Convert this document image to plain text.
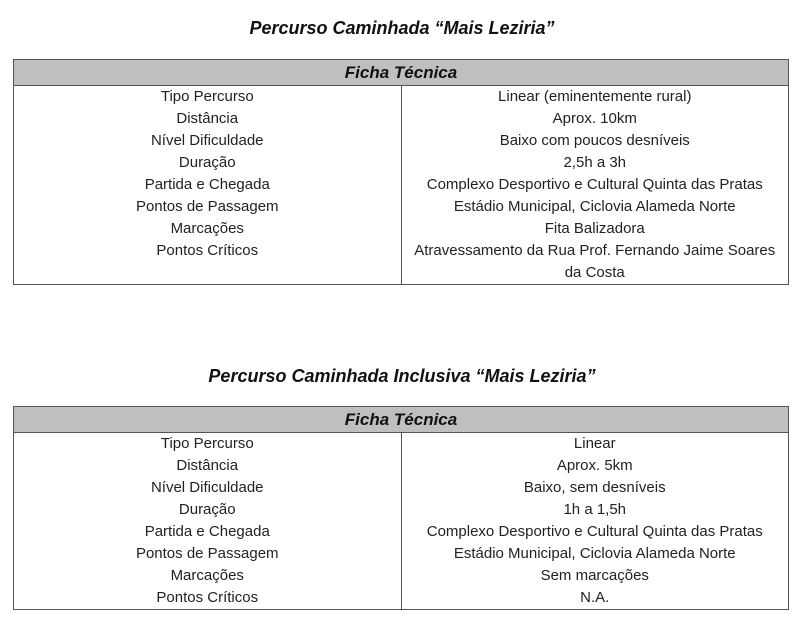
Percurso Caminhada “Mais Leziria”
Ficha Técnica	
Tipo Percurso	Linear (eminentemente rural)
Distância	Aprox. 10km
Nível Dificuldade	Baixo com poucos desníveis
Duração	2,5h a 3h
Partida e Chegada	Complexo Desportivo e Cultural Quinta das Pratas
Pontos de Passagem	Estádio Municipal, Ciclovia Alameda Norte
Marcações	Fita Balizadora
Pontos Críticos	Atravessamento da Rua Prof. Fernando Jaime Soares da Costa
Percurso Caminhada Inclusiva “Mais Leziria”
Ficha Técnica	
Tipo Percurso	Linear
Distância	Aprox. 5km
Nível Dificuldade	Baixo, sem desníveis
Duração	1h a 1,5h
Partida e Chegada	Complexo Desportivo e Cultural Quinta das Pratas
Pontos de Passagem	Estádio Municipal, Ciclovia Alameda Norte
Marcações	Sem marcações
Pontos Críticos	N.A.
